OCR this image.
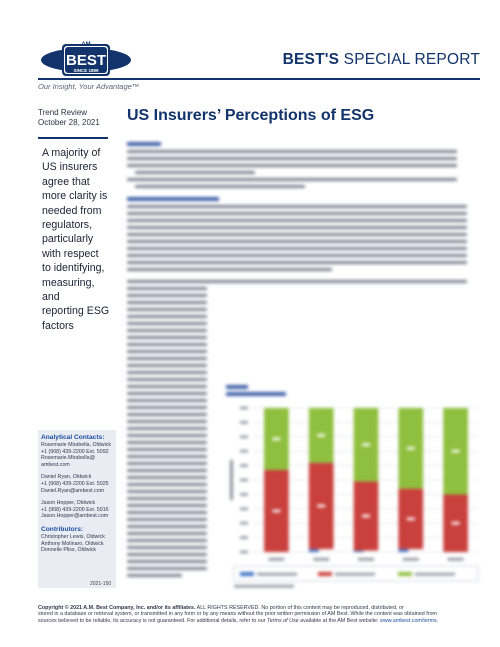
AM
BEST
SINCE 1899
Our Insight, Your Advantage™
BEST'S SPECIAL REPORT
Trend Review
October 28, 2021
A majority of
US insurers
agree that
more clarity is
needed from
regulators,
particularly
with respect
to identifying,
measuring, and
reporting ESG
factors
Analytical Contacts:
Rosemarie Mirabella, Oldwick
+1 (908) 439-2200 Ext. 5092
Rosemarie.Mirabella@
ambest.com
Daniel Ryan, Oldwick
+1 (908) 439-2200 Ext. 5025
Daniel.Ryan@ambest.com
Jason Hopper, Oldwick
+1 (908) 439-2200 Ext. 5016
Jason.Hopper@ambest.com
Contributors:
Christopher Lewis, Oldwick
Anthony Molinaro, Oldwick
Donnelle Pliss, Oldwick
2021-150
US Insurers’ Perceptions of ESG
Copyright © 2021 A.M. Best Company, Inc. and/or its affiliates. ALL RIGHTS RESERVED. No portion of this content may be reproduced, distributed, or
stored in a database or retrieval system, or transmitted in any form or by any means without the prior written permission of AM Best. While the content was obtained from
sources believed to be reliable, its accuracy is not guaranteed. For additional details, refer to our Terms of Use available at the AM Best website: www.ambest.com/terms.
